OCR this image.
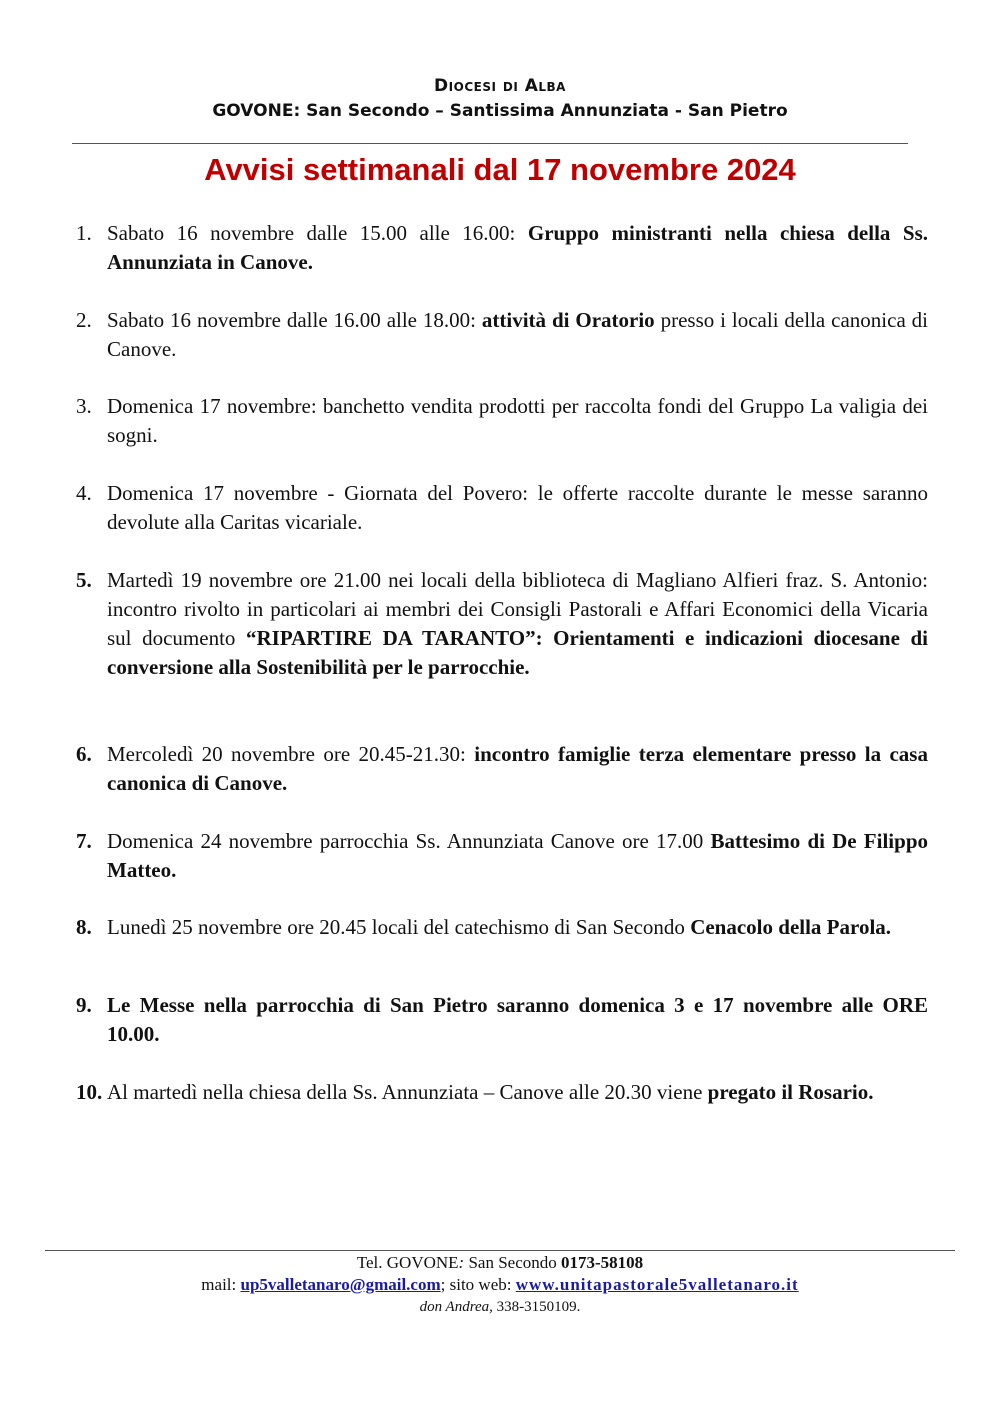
Diocesi di Alba
GOVONE: San Secondo – Santissima Annunziata - San Pietro
Avvisi settimanali dal 17 novembre 2024
1. Sabato 16 novembre dalle 15.00 alle 16.00: Gruppo ministranti nella chiesa della Ss. Annunziata in Canove.
2. Sabato 16 novembre dalle 16.00 alle 18.00: attività di Oratorio presso i locali della canonica di Canove.
3. Domenica 17 novembre: banchetto vendita prodotti per raccolta fondi del Gruppo La valigia dei sogni.
4. Domenica 17 novembre - Giornata del Povero: le offerte raccolte durante le messe saranno devolute alla Caritas vicariale.
5. Martedì 19 novembre ore 21.00 nei locali della biblioteca di Magliano Alfieri fraz. S. Antonio: incontro rivolto in particolari ai membri dei Consigli Pastorali e Affari Economici della Vicaria sul documento “RIPARTIRE DA TARANTO”: Orientamenti e indicazioni diocesane di conversione alla Sostenibilità per le parrocchie.
6. Mercoledì 20 novembre ore 20.45-21.30: incontro famiglie terza elementare presso la casa canonica di Canove.
7. Domenica 24 novembre parrocchia Ss. Annunziata Canove ore 17.00 Battesimo di De Filippo Matteo.
8. Lunedì 25 novembre ore 20.45 locali del catechismo di San Secondo Cenacolo della Parola.
9. Le Messe nella parrocchia di San Pietro saranno domenica 3 e 17 novembre alle ORE 10.00.
10. Al martedì nella chiesa della Ss. Annunziata – Canove alle 20.30 viene pregato il Rosario.
Tel. GOVONE: San Secondo 0173-58108
mail: up5valletanaro@gmail.com; sito web: www.unitapastorale5valletanaro.it
don Andrea, 338-3150109.
